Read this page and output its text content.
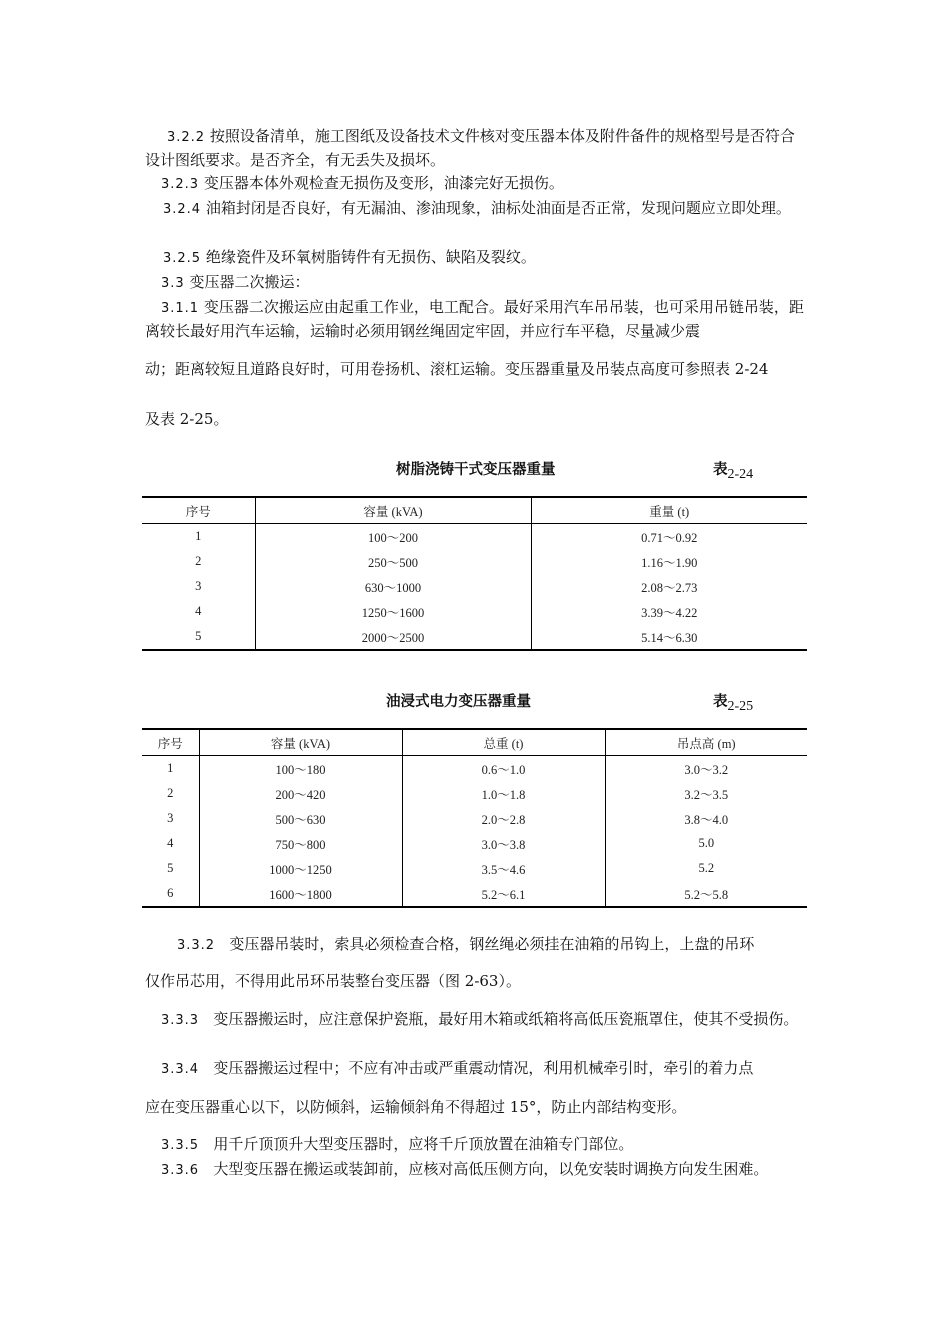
3.2.2 按照设备清单，施工图纸及设备技术文件核对变压器本体及附件备件的规格型号是否符合设计图纸要求。是否齐全，有无丢失及损坏。
3.2.3 变压器本体外观检查无损伤及变形，油漆完好无损伤。
3.2.4 油箱封闭是否良好，有无漏油、渗油现象，油标处油面是否正常，发现问题应立即处理。
3.2.5 绝缘瓷件及环氧树脂铸件有无损伤、缺陷及裂纹。
3.3 变压器二次搬运：
3.1.1 变压器二次搬运应由起重工作业，电工配合。最好采用汽车吊吊装，也可采用吊链吊装，距离较长最好用汽车运输，运输时必须用钢丝绳固定牢固，并应行车平稳，尽量减少震
动；距离较短且道路良好时，可用卷扬机、滚杠运输。变压器重量及吊装点高度可参照表 2-24
及表 2-25。
树脂浇铸干式变压器重量	表2-24
序号	容量 (kVA)	重量 (t)
1	100～200	0.71～0.92
2	250～500	1.16～1.90
3	630～1000	2.08～2.73
4	1250～1600	3.39～4.22
5	2000～2500	5.14～6.30
油浸式电力变压器重量	表2-25
序号	容量 (kVA)	总重 (t)	吊点高 (m)
1	100～180	0.6～1.0	3.0～3.2
2	200～420	1.0～1.8	3.2～3.5
3	500～630	2.0～2.8	3.8～4.0
4	750～800	3.0～3.8	5.0
5	1000～1250	3.5～4.6	5.2
6	1600～1800	5.2～6.1	5.2～5.8
3.3.2 变压器吊装时，索具必须检查合格，钢丝绳必须挂在油箱的吊钩上，上盘的吊环
仅作吊芯用，不得用此吊环吊装整台变压器（图 2-63）。
3.3.3 变压器搬运时，应注意保护瓷瓶，最好用木箱或纸箱将高低压瓷瓶罩住，使其不受损伤。
3.3.4 变压器搬运过程中；不应有冲击或严重震动情况，利用机械牵引时，牵引的着力点
应在变压器重心以下，以防倾斜，运输倾斜角不得超过 15°，防止内部结构变形。
3.3.5 用千斤顶顶升大型变压器时，应将千斤顶放置在油箱专门部位。
3.3.6 大型变压器在搬运或装卸前，应核对高低压侧方向，以免安装时调换方向发生困难。
